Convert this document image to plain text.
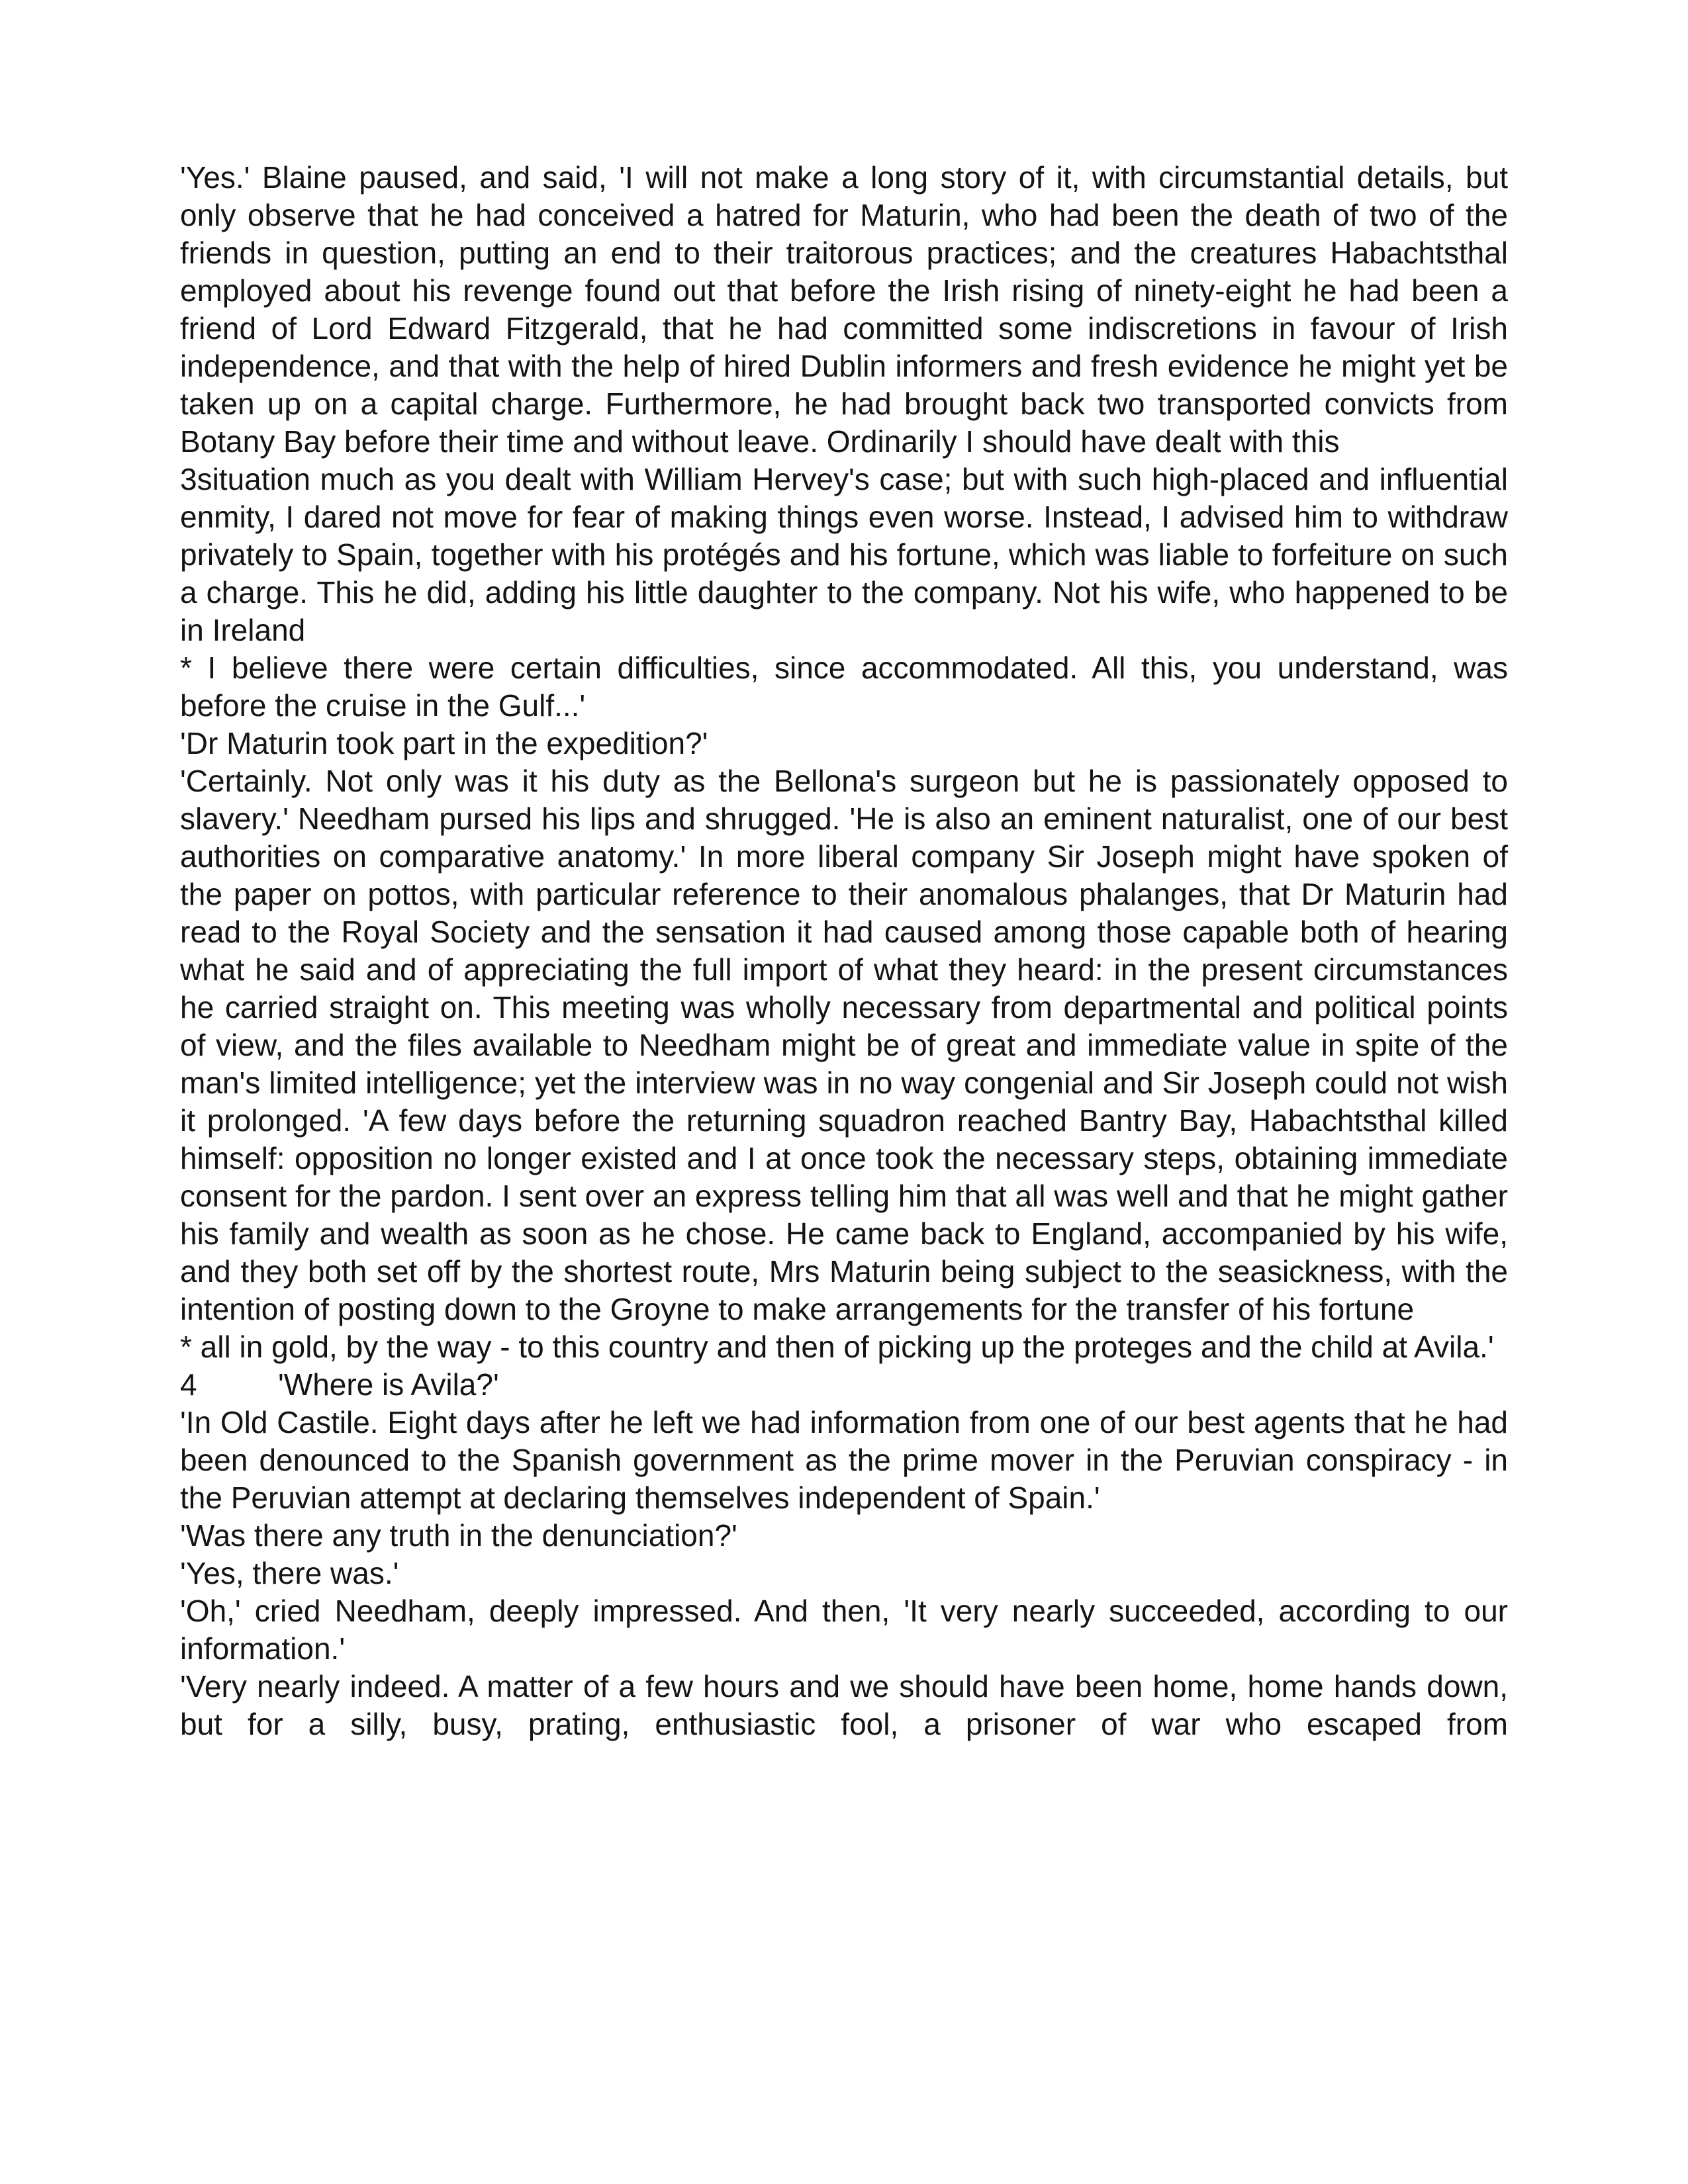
'Yes.' Blaine paused, and said, 'I will not make a long story of it, with circumstantial details, but only observe that he had conceived a hatred for Maturin, who had been the death of two of the friends in question, putting an end to their traitorous practices; and the creatures Habachtsthal employed about his revenge found out that before the Irish rising of ninety-eight he had been a friend of Lord Edward Fitzgerald, that he had committed some indiscretions in favour of Irish independence, and that with the help of hired Dublin informers and fresh evidence he might yet be taken up on a capital charge. Furthermore, he had brought back two transported convicts from Botany Bay before their time and without leave. Ordinarily I should have dealt with this

3situation much as you dealt with William Hervey's case; but with such high-placed and influential enmity, I dared not move for fear of making things even worse. Instead, I advised him to withdraw privately to Spain, together with his protégés and his fortune, which was liable to forfeiture on such a charge. This he did, adding his little daughter to the company. Not his wife, who happened to be in Ireland

* I believe there were certain difficulties, since accommodated. All this, you understand, was before the cruise in the Gulf...'

'Dr Maturin took part in the expedition?'

'Certainly. Not only was it his duty as the Bellona's surgeon but he is passionately opposed to slavery.' Needham pursed his lips and shrugged. 'He is also an eminent naturalist, one of our best authorities on comparative anatomy.' In more liberal company Sir Joseph might have spoken of the paper on pottos, with particular reference to their anomalous phalanges, that Dr Maturin had read to the Royal Society and the sensation it had caused among those capable both of hearing what he said and of appreciating the full import of what they heard: in the present circumstances he carried straight on. This meeting was wholly necessary from departmental and political points of view, and the files available to Needham might be of great and immediate value in spite of the man's limited intelligence; yet the interview was in no way congenial and Sir Joseph could not wish it prolonged. 'A few days before the returning squadron reached Bantry Bay, Habachtsthal killed himself: opposition no longer existed and I at once took the necessary steps, obtaining immediate consent for the pardon. I sent over an express telling him that all was well and that he might gather his family and wealth as soon as he chose. He came back to England, accompanied by his wife, and they both set off by the shortest route, Mrs Maturin being subject to the seasickness, with the intention of posting down to the Groyne to make arrangements for the transfer of his fortune

* all in gold, by the way - to this country and then of picking up the proteges and the child at Avila.'

4	'Where is Avila?'

'In Old Castile. Eight days after he left we had information from one of our best agents that he had been denounced to the Spanish government as the prime mover in the Peruvian conspiracy - in the Peruvian attempt at declaring themselves independent of Spain.'

'Was there any truth in the denunciation?'

'Yes, there was.'

'Oh,' cried Needham, deeply impressed. And then, 'It very nearly succeeded, according to our information.'

'Very nearly indeed. A matter of a few hours and we should have been home, home hands down, but for a silly, busy, prating, enthusiastic fool, a prisoner of war who escaped from
